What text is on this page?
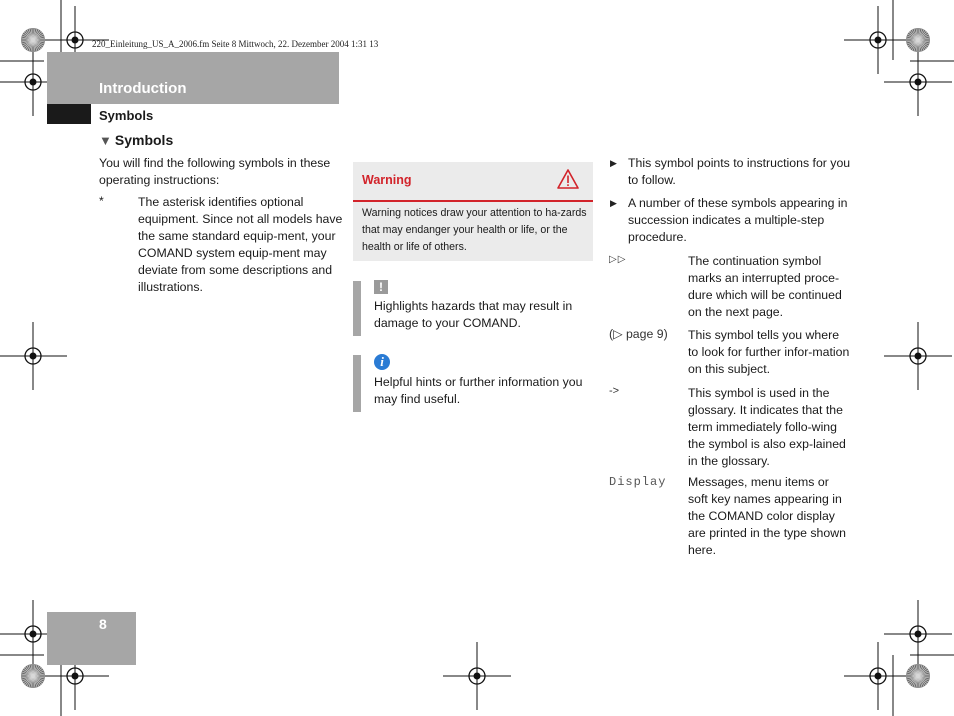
220_Einleitung_US_A_2006.fm Seite 8 Mittwoch, 22. Dezember 2004 1:31 13
Introduction
Symbols
▼ Symbols
You will find the following symbols in these operating instructions:
*	The asterisk identifies optional equipment. Since not all models have the same standard equip-ment, your COMAND system equip-ment may deviate from some descriptions and illustrations.
Warning
Warning notices draw your attention to ha-zards that may endanger your health or life, or the health or life of others.
!
Highlights hazards that may result in damage to your COMAND.
i
Helpful hints or further information you may find useful.
▶ This symbol points to instructions for you to follow.
▶ A number of these symbols appearing in succession indicates a multiple-step procedure.
▷▷	The continuation symbol marks an interrupted proce-dure which will be continued on the next page.
(▷ page 9) This symbol tells you where to look for further infor-mation on this subject.
->	This symbol is used in the glossary. It indicates that the term immediately follo-wing the symbol is also exp-lained in the glossary.
Display Messages, menu items or soft key names appearing in the COMAND color display are printed in the type shown here.
8
